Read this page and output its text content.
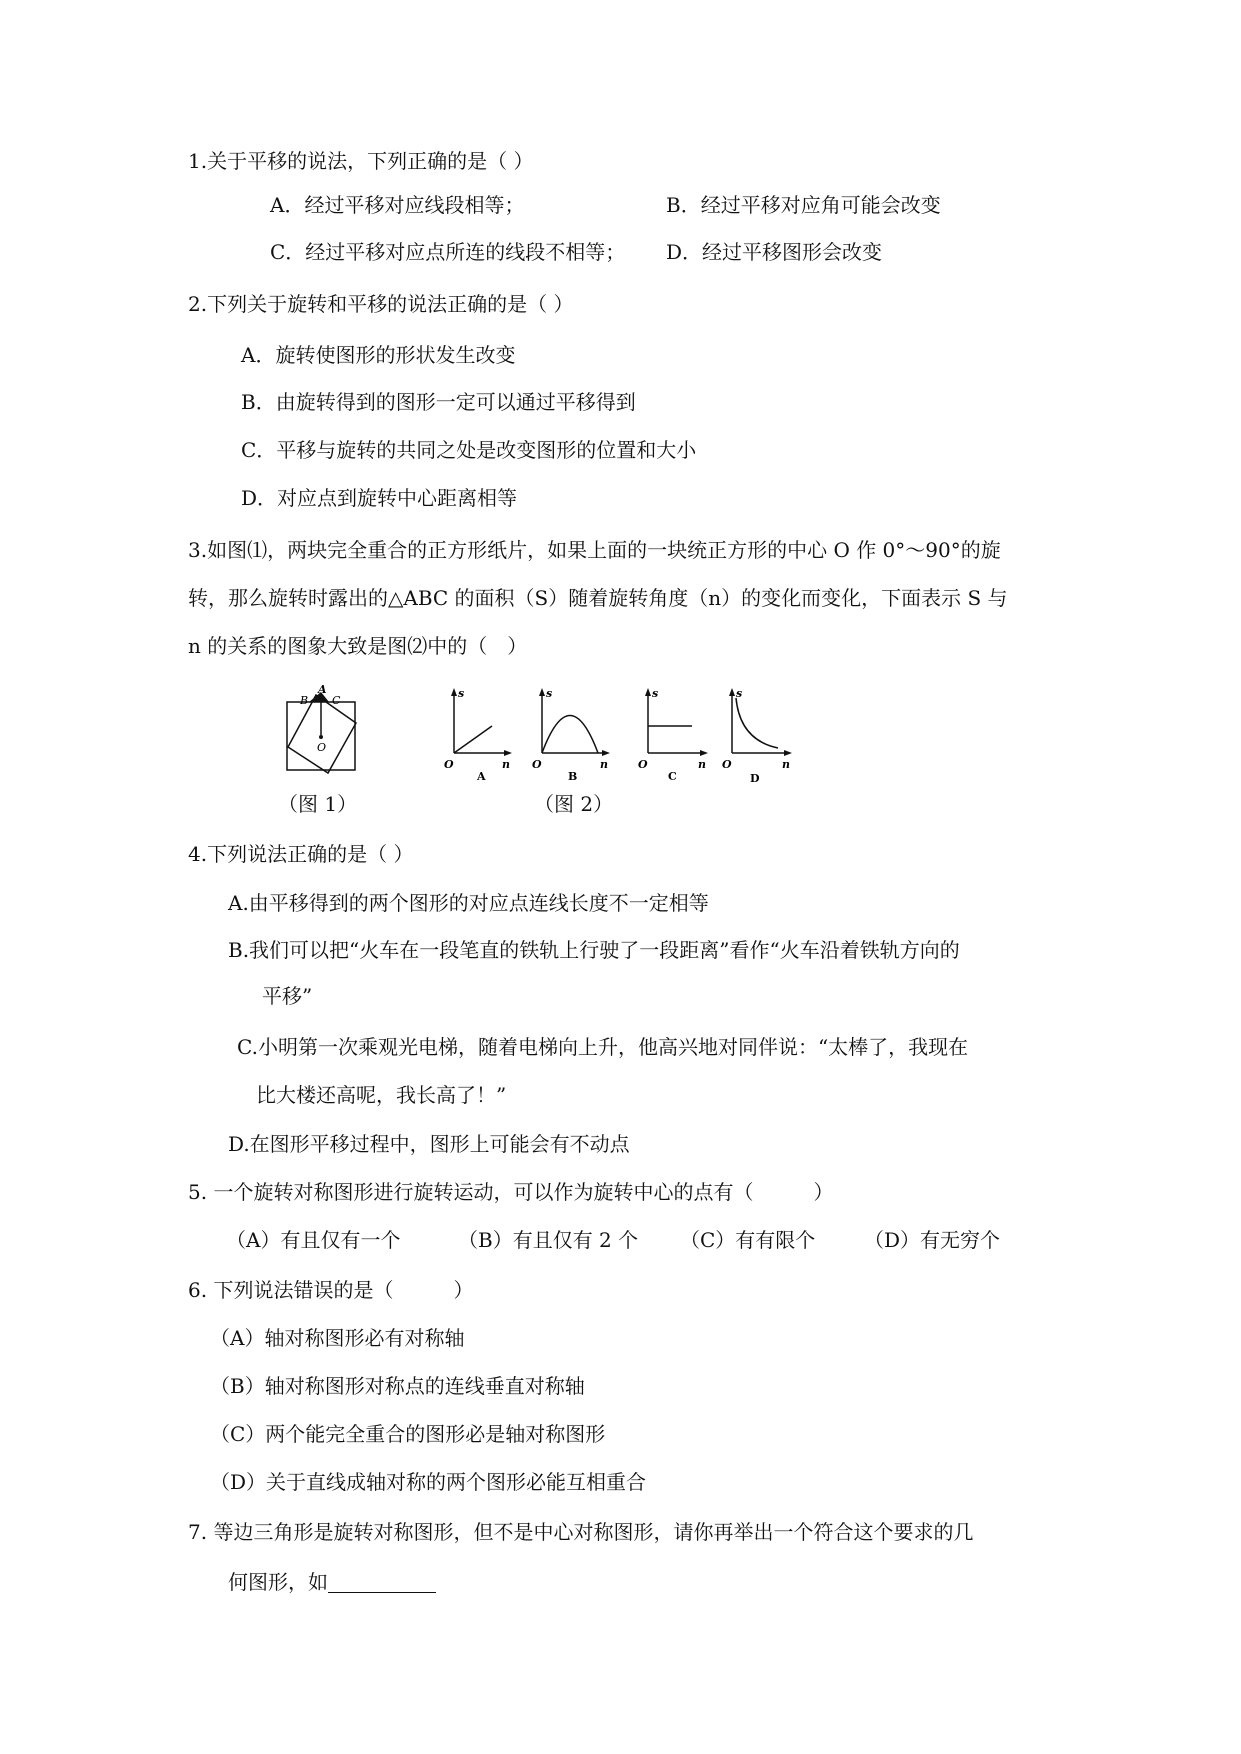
1.关于平移的说法，下列正确的是（ ）
A．经过平移对应线段相等；	B．经过平移对应角可能会改变
C．经过平移对应点所连的线段不相等； D．经过平移图形会改变
2.下列关于旋转和平移的说法正确的是（ ）
A．旋转使图形的形状发生改变
B．由旋转得到的图形一定可以通过平移得到
C．平移与旋转的共同之处是改变图形的位置和大小
D．对应点到旋转中心距离相等
3.如图⑴，两块完全重合的正方形纸片，如果上面的一块统正方形的中心 O 作 0°～90°的旋
转，那么旋转时露出的△ABC 的面积（S）随着旋转角度（n）的变化而变化，下面表示 S 与
n 的关系的图象大致是图⑵中的（　）
A
B C
O
s
n
O
A
s
n
O
B
s
n
O
C
s
n
O
D
（图 1）	（图 2）
4.下列说法正确的是（ ）
A.由平移得到的两个图形的对应点连线长度不一定相等
B.我们可以把“火车在一段笔直的铁轨上行驶了一段距离”看作“火车沿着铁轨方向的
平移”
C.小明第一次乘观光电梯，随着电梯向上升，他高兴地对同伴说：“太棒了，我现在
比大楼还高呢，我长高了！”
D.在图形平移过程中，图形上可能会有不动点
5. 一个旋转对称图形进行旋转运动，可以作为旋转中心的点有（　　　）
（A）有且仅有一个	（B）有且仅有 2 个 （C）有有限个 （D）有无穷个
6. 下列说法错误的是（　　　）
（A）轴对称图形必有对称轴
（B）轴对称图形对称点的连线垂直对称轴
（C）两个能完全重合的图形必是轴对称图形
（D）关于直线成轴对称的两个图形必能互相重合
7. 等边三角形是旋转对称图形，但不是中心对称图形，请你再举出一个符合这个要求的几
何图形，如
